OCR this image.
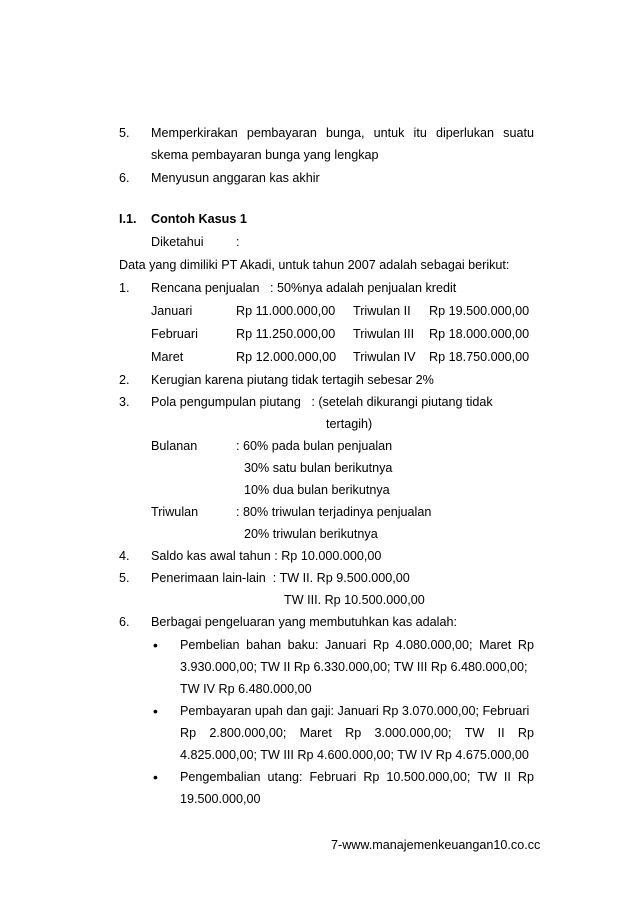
5. Memperkirakan pembayaran bunga, untuk itu diperlukan suatu
skema pembayaran bunga yang lengkap
6. Menyusun anggaran kas akhir
I.1. Contoh Kasus 1
Diketahui	:
Data yang dimiliki PT Akadi, untuk tahun 2007 adalah sebagai berikut:
1. Rencana penjualan   : 50%nya adalah penjualan kredit
Januari	Rp 11.000.000,00 Triwulan II Rp 19.500.000,00
Februari	Rp 11.250.000,00 Triwulan III Rp 18.000.000,00
Maret	Rp 12.000.000,00 Triwulan IV Rp 18.750.000,00
2. Kerugian karena piutang tidak tertagih sebesar 2%
3. Pola pengumpulan piutang   : (setelah dikurangi piutang tidak
tertagih)
Bulanan	: 60% pada bulan penjualan
30% satu bulan berikutnya
10% dua bulan berikutnya
Triwulan	: 80% triwulan terjadinya penjualan
20% triwulan berikutnya
4. Saldo kas awal tahun : Rp 10.000.000,00
5. Penerimaan lain-lain  : TW II. Rp 9.500.000,00
TW III. Rp 10.500.000,00
6. Berbagai pengeluaran yang membutuhkan kas adalah:
• Pembelian bahan baku: Januari Rp 4.080.000,00; Maret Rp
3.930.000,00; TW II Rp 6.330.000,00; TW III Rp 6.480.000,00;
TW IV Rp 6.480.000,00
• Pembayaran upah dan gaji: Januari Rp 3.070.000,00; Februari
Rp 2.800.000,00; Maret Rp 3.000.000,00; TW II Rp
4.825.000,00; TW III Rp 4.600.000,00; TW IV Rp 4.675.000,00
• Pengembalian utang: Februari Rp 10.500.000,00; TW II Rp
19.500.000,00
7-www.manajemenkeuangan10.co.cc
